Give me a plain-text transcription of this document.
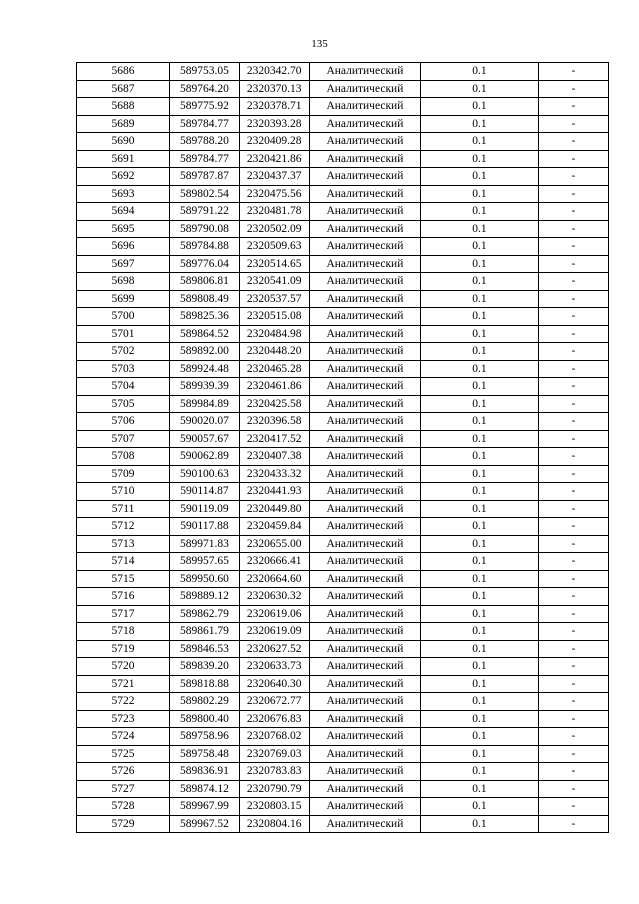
135
5686	589753.05	2320342.70	Аналитический	0.1	-
5687	589764.20	2320370.13	Аналитический	0.1	-
5688	589775.92	2320378.71	Аналитический	0.1	-
5689	589784.77	2320393.28	Аналитический	0.1	-
5690	589788.20	2320409.28	Аналитический	0.1	-
5691	589784.77	2320421.86	Аналитический	0.1	-
5692	589787.87	2320437.37	Аналитический	0.1	-
5693	589802.54	2320475.56	Аналитический	0.1	-
5694	589791.22	2320481.78	Аналитический	0.1	-
5695	589790.08	2320502.09	Аналитический	0.1	-
5696	589784.88	2320509.63	Аналитический	0.1	-
5697	589776.04	2320514.65	Аналитический	0.1	-
5698	589806.81	2320541.09	Аналитический	0.1	-
5699	589808.49	2320537.57	Аналитический	0.1	-
5700	589825.36	2320515.08	Аналитический	0.1	-
5701	589864.52	2320484.98	Аналитический	0.1	-
5702	589892.00	2320448.20	Аналитический	0.1	-
5703	589924.48	2320465.28	Аналитический	0.1	-
5704	589939.39	2320461.86	Аналитический	0.1	-
5705	589984.89	2320425.58	Аналитический	0.1	-
5706	590020.07	2320396.58	Аналитический	0.1	-
5707	590057.67	2320417.52	Аналитический	0.1	-
5708	590062.89	2320407.38	Аналитический	0.1	-
5709	590100.63	2320433.32	Аналитический	0.1	-
5710	590114.87	2320441.93	Аналитический	0.1	-
5711	590119.09	2320449.80	Аналитический	0.1	-
5712	590117.88	2320459.84	Аналитический	0.1	-
5713	589971.83	2320655.00	Аналитический	0.1	-
5714	589957.65	2320666.41	Аналитический	0.1	-
5715	589950.60	2320664.60	Аналитический	0.1	-
5716	589889.12	2320630.32	Аналитический	0.1	-
5717	589862.79	2320619.06	Аналитический	0.1	-
5718	589861.79	2320619.09	Аналитический	0.1	-
5719	589846.53	2320627.52	Аналитический	0.1	-
5720	589839.20	2320633.73	Аналитический	0.1	-
5721	589818.88	2320640.30	Аналитический	0.1	-
5722	589802.29	2320672.77	Аналитический	0.1	-
5723	589800.40	2320676.83	Аналитический	0.1	-
5724	589758.96	2320768.02	Аналитический	0.1	-
5725	589758.48	2320769.03	Аналитический	0.1	-
5726	589836.91	2320783.83	Аналитический	0.1	-
5727	589874.12	2320790.79	Аналитический	0.1	-
5728	589967.99	2320803.15	Аналитический	0.1	-
5729	589967.52	2320804.16	Аналитический	0.1	-
